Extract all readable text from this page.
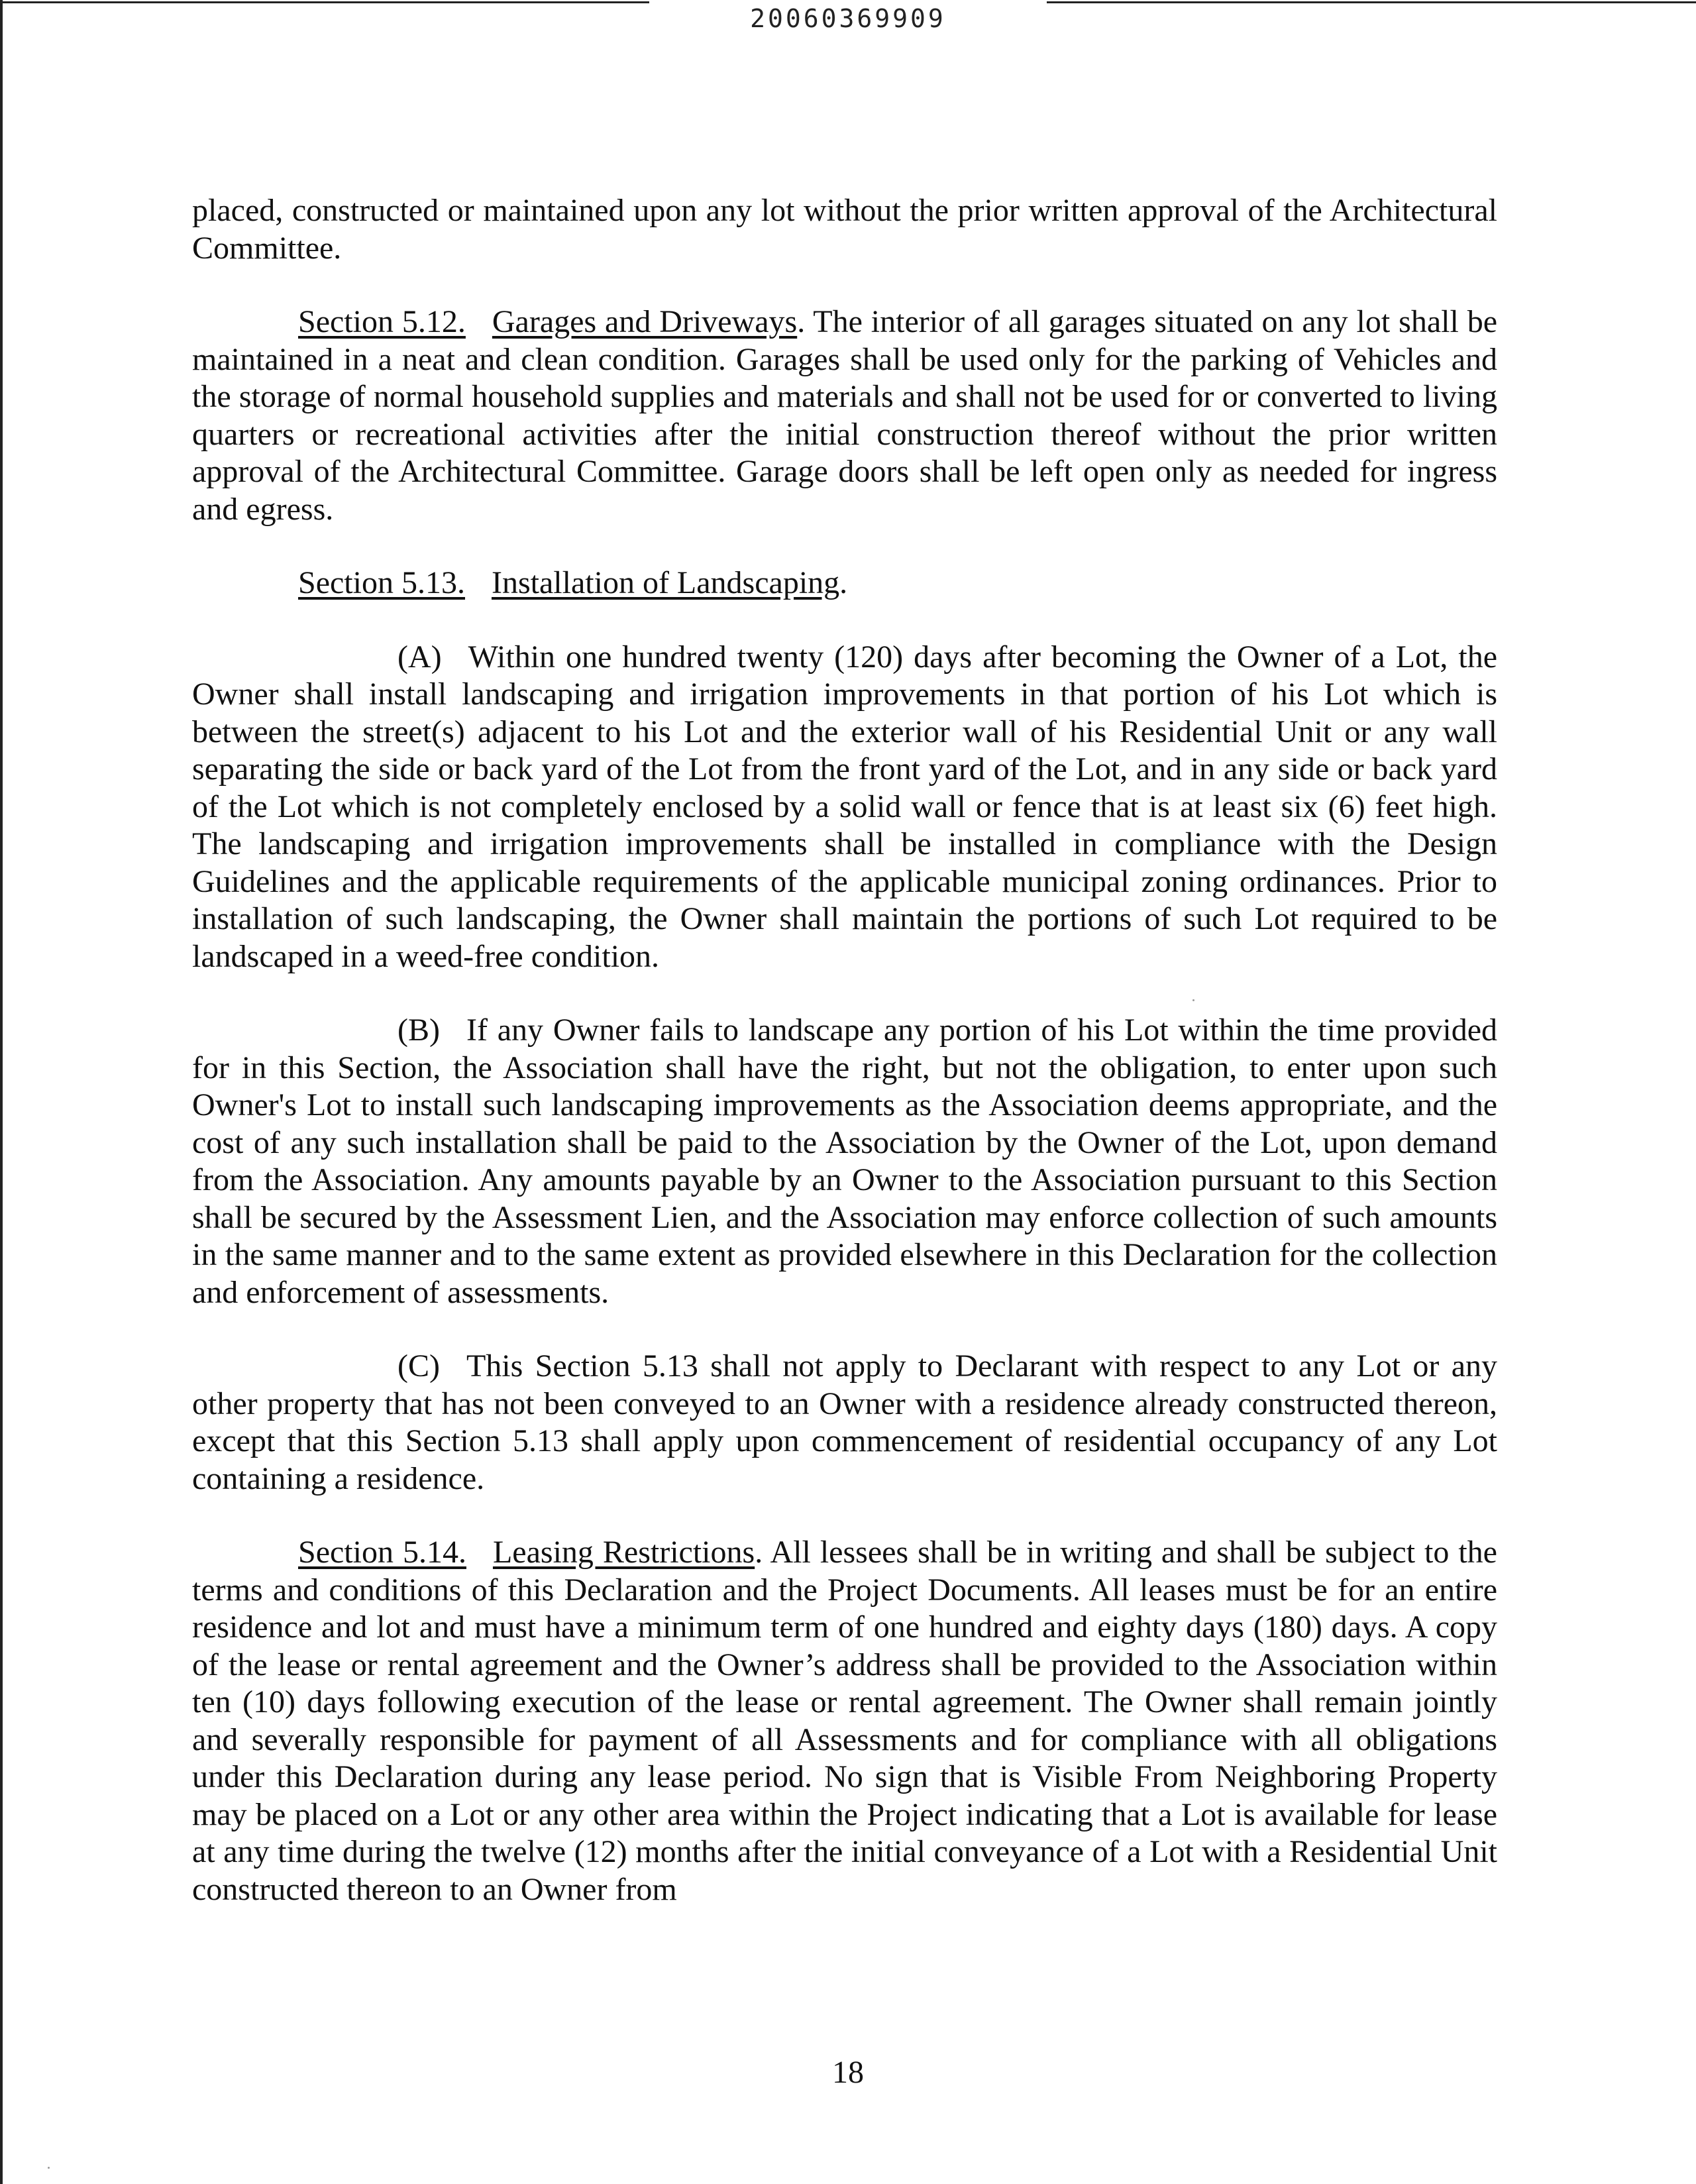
20060369909

placed, constructed or maintained upon any lot without the prior written approval of the Architectural Committee.

Section 5.12. Garages and Driveways. The interior of all garages situated on any lot shall be maintained in a neat and clean condition. Garages shall be used only for the parking of Vehicles and the storage of normal household supplies and materials and shall not be used for or converted to living quarters or recreational activities after the initial construction thereof without the prior written approval of the Architectural Committee. Garage doors shall be left open only as needed for ingress and egress.

Section 5.13. Installation of Landscaping.

(A) Within one hundred twenty (120) days after becoming the Owner of a Lot, the Owner shall install landscaping and irrigation improvements in that portion of his Lot which is between the street(s) adjacent to his Lot and the exterior wall of his Residential Unit or any wall separating the side or back yard of the Lot from the front yard of the Lot, and in any side or back yard of the Lot which is not completely enclosed by a solid wall or fence that is at least six (6) feet high. The landscaping and irrigation improvements shall be installed in compliance with the Design Guidelines and the applicable requirements of the applicable municipal zoning ordinances. Prior to installation of such landscaping, the Owner shall maintain the portions of such Lot required to be landscaped in a weed-free condition.

(B) If any Owner fails to landscape any portion of his Lot within the time provided for in this Section, the Association shall have the right, but not the obligation, to enter upon such Owner's Lot to install such landscaping improvements as the Association deems appropriate, and the cost of any such installation shall be paid to the Association by the Owner of the Lot, upon demand from the Association. Any amounts payable by an Owner to the Association pursuant to this Section shall be secured by the Assessment Lien, and the Association may enforce collection of such amounts in the same manner and to the same extent as provided elsewhere in this Declaration for the collection and enforcement of assessments.

(C) This Section 5.13 shall not apply to Declarant with respect to any Lot or any other property that has not been conveyed to an Owner with a residence already constructed thereon, except that this Section 5.13 shall apply upon commencement of residential occupancy of any Lot containing a residence.

Section 5.14. Leasing Restrictions. All lessees shall be in writing and shall be subject to the terms and conditions of this Declaration and the Project Documents. All leases must be for an entire residence and lot and must have a minimum term of one hundred and eighty days (180) days. A copy of the lease or rental agreement and the Owner’s address shall be provided to the Association within ten (10) days following execution of the lease or rental agreement. The Owner shall remain jointly and severally responsible for payment of all Assessments and for compliance with all obligations under this Declaration during any lease period. No sign that is Visible From Neighboring Property may be placed on a Lot or any other area within the Project indicating that a Lot is available for lease at any time during the twelve (12) months after the initial conveyance of a Lot with a Residential Unit constructed thereon to an Owner from

18
